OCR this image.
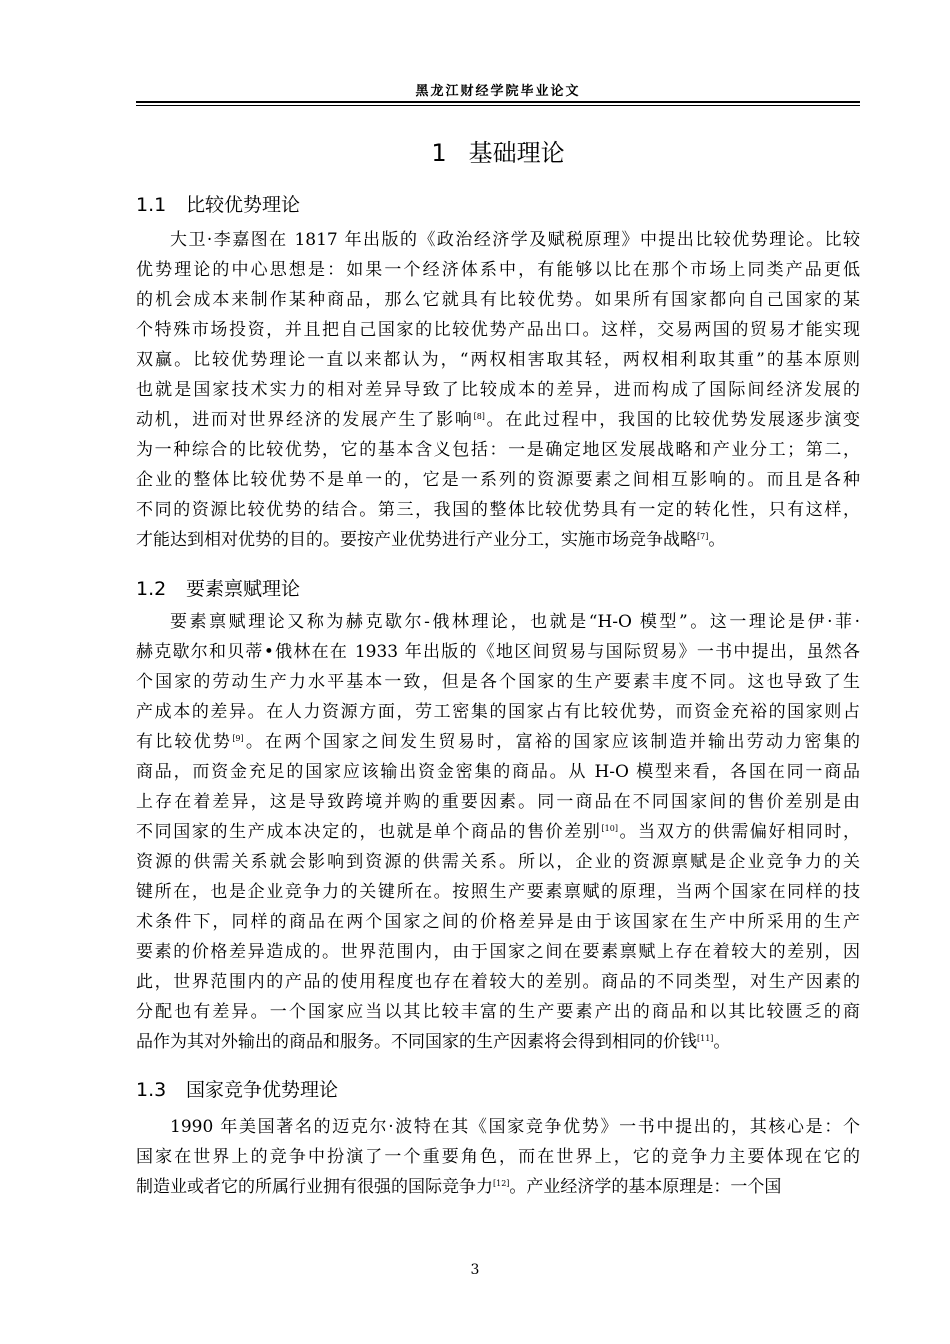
黑龙江财经学院毕业论文
1 基础理论
1.1 比较优势理论
大卫·李嘉图在 1817 年出版的《政治经济学及赋税原理》中提出比较优势理论。比较
优势理论的中心思想是：如果一个经济体系中，有能够以比在那个市场上同类产品更低
的机会成本来制作某种商品，那么它就具有比较优势。如果所有国家都向自己国家的某
个特殊市场投资，并且把自己国家的比较优势产品出口。这样，交易两国的贸易才能实现
双赢。比较优势理论一直以来都认为，“两权相害取其轻，两权相利取其重”的基本原则
也就是国家技术实力的相对差异导致了比较成本的差异，进而构成了国际间经济发展的
动机，进而对世界经济的发展产生了影响[8]。在此过程中，我国的比较优势发展逐步演变
为一种综合的比较优势，它的基本含义包括：一是确定地区发展战略和产业分工；第二，
企业的整体比较优势不是单一的，它是一系列的资源要素之间相互影响的。而且是各种
不同的资源比较优势的结合。第三，我国的整体比较优势具有一定的转化性，只有这样，
才能达到相对优势的目的。要按产业优势进行产业分工，实施市场竞争战略[7]。
1.2 要素禀赋理论
要素禀赋理论又称为赫克歇尔-俄林理论，也就是“H-O 模型”。这一理论是伊·菲·
赫克歇尔和贝蒂•俄林在在 1933 年出版的《地区间贸易与国际贸易》一书中提出，虽然各
个国家的劳动生产力水平基本一致，但是各个国家的生产要素丰度不同。这也导致了生
产成本的差异。在人力资源方面，劳工密集的国家占有比较优势，而资金充裕的国家则占
有比较优势[9]。在两个国家之间发生贸易时，富裕的国家应该制造并输出劳动力密集的
商品，而资金充足的国家应该输出资金密集的商品。从 H-O 模型来看，各国在同一商品
上存在着差异，这是导致跨境并购的重要因素。同一商品在不同国家间的售价差别是由
不同国家的生产成本决定的，也就是单个商品的售价差别[10]。当双方的供需偏好相同时，
资源的供需关系就会影响到资源的供需关系。所以，企业的资源禀赋是企业竞争力的关
键所在，也是企业竞争力的关键所在。按照生产要素禀赋的原理，当两个国家在同样的技
术条件下，同样的商品在两个国家之间的价格差异是由于该国家在生产中所采用的生产
要素的价格差异造成的。世界范围内，由于国家之间在要素禀赋上存在着较大的差别，因
此，世界范围内的产品的使用程度也存在着较大的差别。商品的不同类型，对生产因素的
分配也有差异。一个国家应当以其比较丰富的生产要素产出的商品和以其比较匮乏的商
品作为其对外输出的商品和服务。不同国家的生产因素将会得到相同的价钱[11]。
1.3 国家竞争优势理论
1990 年美国著名的迈克尔·波特在其《国家竞争优势》一书中提出的，其核心是：个
国家在世界上的竞争中扮演了一个重要角色，而在世界上，它的竞争力主要体现在它的
制造业或者它的所属行业拥有很强的国际竞争力[12]。产业经济学的基本原理是：一个国
3
